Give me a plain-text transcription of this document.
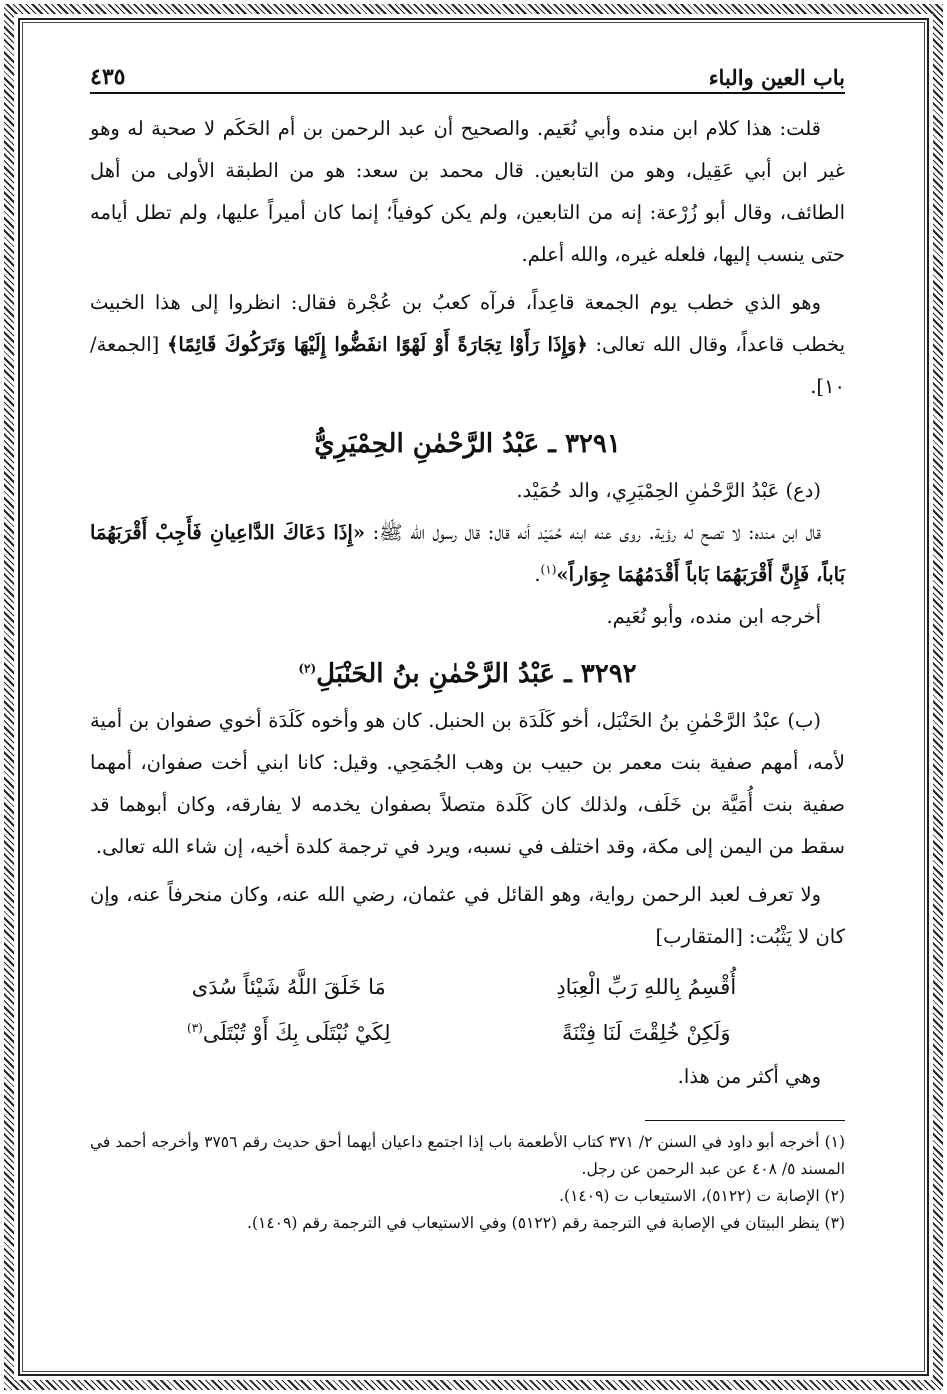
باب العين والباء
٤٣٥

قلت: هذا كلام ابن منده وأبي نُعَيم. والصحيح أن عبد الرحمن بن أم الحَكَم لا صحبة له وهو غير ابن أبي عَقِيل، وهو من التابعين. قال محمد بن سعد: هو من الطبقة الأولى من أهل الطائف، وقال أبو زُرْعة: إنه من التابعين، ولم يكن كوفياً؛ إنما كان أميراً عليها، ولم تطل أيامه حتى ينسب إليها، فلعله غيره، والله أعلم.

وهو الذي خطب يوم الجمعة قاعِداً، فرآه كعبُ بن عُجْرة فقال: انظروا إلى هذا الخبيث يخطب قاعداً، وقال الله تعالى: ﴿وَإِذَا رَأَوْا تِجَارَةً أَوْ لَهْوًا انفَضُّوا إِلَيْهَا وَتَرَكُوكَ قَائِمًا﴾ [الجمعة/ ١٠].

٣٢٩١ ـ عَبْدُ الرَّحْمٰنِ الحِمْيَرِيُّ

(دع) عَبْدُ الرَّحْمٰنِ الحِمْيَرِي، والد حُمَيْد.

قال ابن منده: لا تصح له رؤية. روى عنه ابنه حُمَيْد أنه قال: قال رسول الله ﷺ: «إِذَا دَعَاكَ الدَّاعِيانِ فَأَجِبْ أَقْرَبَهُمَا بَاباً، فَإِنَّ أَقْرَبَهُمَا بَاباً أَقْدَمُهُمَا جِوَاراً»$^{(١)}$.

أخرجه ابن منده، وأبو نُعَيم.

٣٢٩٢ ـ عَبْدُ الرَّحْمٰنِ بنُ الحَنْبَلِ$^{(٢)}$

(ب) عبْدُ الرَّحْمٰنِ بنُ الحَنْبَل، أخو كَلَدَة بن الحنبل. كان هو وأخوه كَلَدَة أخوي صفوان بن أمية لأمه، أمهم صفية بنت معمر بن حبيب بن وهب الجُمَحِي. وقيل: كانا ابني أخت صفوان، أمهما صفية بنت أُمَيَّة بن خَلَف، ولذلك كان كَلَدة متصلاً بصفوان يخدمه لا يفارقه، وكان أبوهما قد سقط من اليمن إلى مكة، وقد اختلف في نسبه، ويرد في ترجمة كلدة أخيه، إن شاء الله تعالى.

ولا تعرف لعبد الرحمن رواية، وهو القائل في عثمان، رضي الله عنه، وكان منحرفاً عنه، وإن كان لا يَثْبُت: [المتقارب]

أُقْسِمُ بِاللهِ رَبِّ الْعِبَادِ
مَا خَلَقَ اللَّهُ شَيْئاً سُدَى
وَلَكِنْ خُلِقْتَ لَنَا فِتْنَةً
لِكَيْ نُبْتَلَى بِكَ أَوْ تُبْتَلَى$^{(٣)}$

وهي أكثر من هذا.

(١) أخرجه أبو داود في السنن ٢/ ٣٧١ كتاب الأطعمة باب إذا اجتمع داعيان أيهما أحق حديث رقم ٣٧٥٦ وأخرجه أحمد في المسند ٥/ ٤٠٨ عن عبد الرحمن عن رجل.

(٢) الإصابة ت (٥١٢٢)، الاستيعاب ت (١٤٠٩).

(٣) ينظر البيتان في الإصابة في الترجمة رقم (٥١٢٢) وفي الاستيعاب في الترجمة رقم (١٤٠٩).
